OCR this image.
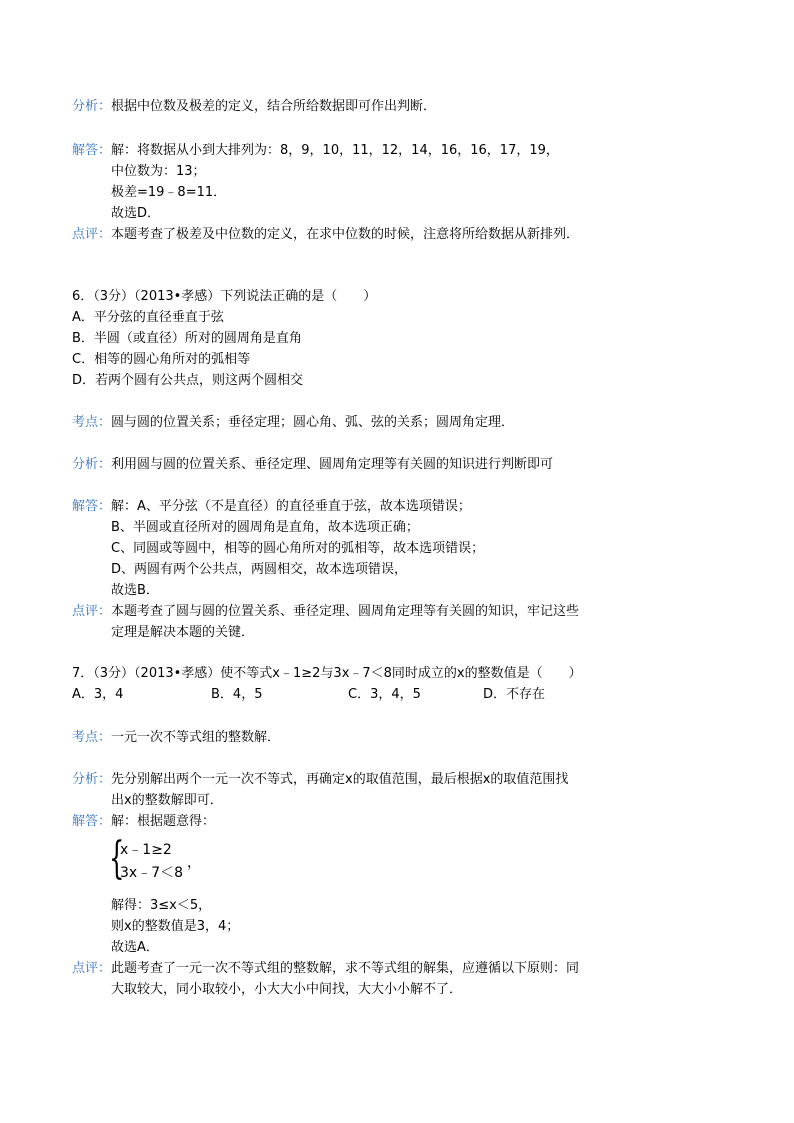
分析：根据中位数及极差的定义，结合所给数据即可作出判断．
解答：解：将数据从小到大排列为：8，9，10，11，12，14，16，16，17，19，
中位数为：13；
极差=19﹣8=11．
故选D．
点评：本题考查了极差及中位数的定义，在求中位数的时候，注意将所给数据从新排列．
6．（3分）（2013•孝感）下列说法正确的是（　　）
A．平分弦的直径垂直于弦
B．半圆（或直径）所对的圆周角是直角
C．相等的圆心角所对的弧相等
D．若两个圆有公共点，则这两个圆相交
考点：圆与圆的位置关系；垂径定理；圆心角、弧、弦的关系；圆周角定理．
分析：利用圆与圆的位置关系、垂径定理、圆周角定理等有关圆的知识进行判断即可
解答：解：A、平分弦（不是直径）的直径垂直于弦，故本选项错误；
B、半圆或直径所对的圆周角是直角，故本选项正确；
C、同圆或等圆中，相等的圆心角所对的弧相等，故本选项错误；
D、两圆有两个公共点，两圆相交，故本选项错误，
故选B．
点评：本题考查了圆与圆的位置关系、垂径定理、圆周角定理等有关圆的知识，牢记这些
定理是解决本题的关键．
7．（3分）（2013•孝感）使不等式x﹣1≥2与3x﹣7＜8同时成立的x的整数值是（　　）
A．3，4	B．4，5	C．3，4，5	D．不存在
考点：一元一次不等式组的整数解．
分析：先分别解出两个一元一次不等式，再确定x的取值范围，最后根据x的取值范围找
出x的整数解即可．
解答：解：根据题意得：
{
x﹣1≥2
3x﹣7＜8
，
解得：3≤x＜5，
则x的整数值是3，4；
故选A．
点评：此题考查了一元一次不等式组的整数解，求不等式组的解集，应遵循以下原则：同
大取较大，同小取较小，小大大小中间找，大大小小解不了．
